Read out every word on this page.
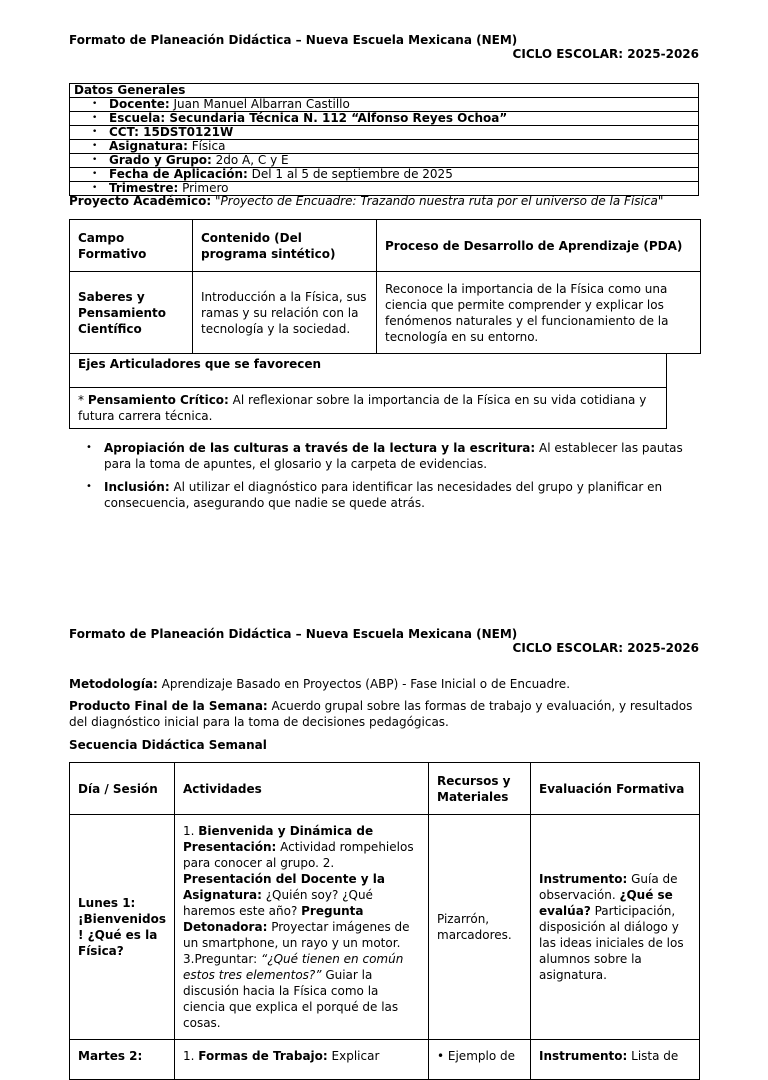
Formato de Planeación Didáctica – Nueva Escuela Mexicana (NEM)
CICLO ESCOLAR: 2025-2026
Datos Generales

• Docente: Juan Manuel Albarran Castillo

• Escuela: Secundaria Técnica N. 112 “Alfonso Reyes Ochoa”

• CCT: 15DST0121W

• Asignatura: Física

• Grado y Grupo: 2do A, C y E

• Fecha de Aplicación: Del 1 al 5 de septiembre de 2025

• Trimestre: Primero
Proyecto Académico: "Proyecto de Encuadre: Trazando nuestra ruta por el universo de la Física"
Campo Formativo	Contenido (Del programa sintético)	Proceso de Desarrollo de Aprendizaje (PDA)
Saberes y Pensamiento Científico	Introducción a la Física, sus ramas y su relación con la tecnología y la sociedad.	Reconoce la importancia de la Física como una ciencia que permite comprender y explicar los fenómenos naturales y el funcionamiento de la tecnología en su entorno.
Ejes Articuladores que se favorecen
* Pensamiento Crítico: Al reflexionar sobre la importancia de la Física en su vida cotidiana y futura carrera técnica.
• Apropiación de las culturas a través de la lectura y la escritura: Al establecer las pautas para la toma de apuntes, el glosario y la carpeta de evidencias.
• Inclusión: Al utilizar el diagnóstico para identificar las necesidades del grupo y planificar en consecuencia, asegurando que nadie se quede atrás.
Formato de Planeación Didáctica – Nueva Escuela Mexicana (NEM)
CICLO ESCOLAR: 2025-2026
Metodología: Aprendizaje Basado en Proyectos (ABP) - Fase Inicial o de Encuadre.
Producto Final de la Semana: Acuerdo grupal sobre las formas de trabajo y evaluación, y resultados del diagnóstico inicial para la toma de decisiones pedagógicas.
Secuencia Didáctica Semanal
Día / Sesión	Actividades	Recursos y Materiales	Evaluación Formativa
Lunes 1: ¡Bienvenidos ! ¿Qué es la Física?	1. Bienvenida y Dinámica de Presentación: Actividad rompehielos para conocer al grupo. 2. Presentación del Docente y la Asignatura: ¿Quién soy? ¿Qué haremos este año? Pregunta Detonadora: Proyectar imágenes de un smartphone, un rayo y un motor. 3.Preguntar: “¿Qué tienen en común estos tres elementos?” Guiar la discusión hacia la Física como la ciencia que explica el porqué de las cosas.	Pizarrón, marcadores.	Instrumento: Guía de observación. ¿Qué se evalúa? Participación, disposición al diálogo y las ideas iniciales de los alumnos sobre la asignatura.
Martes 2:	1. Formas de Trabajo: Explicar	• Ejemplo de	Instrumento: Lista de
